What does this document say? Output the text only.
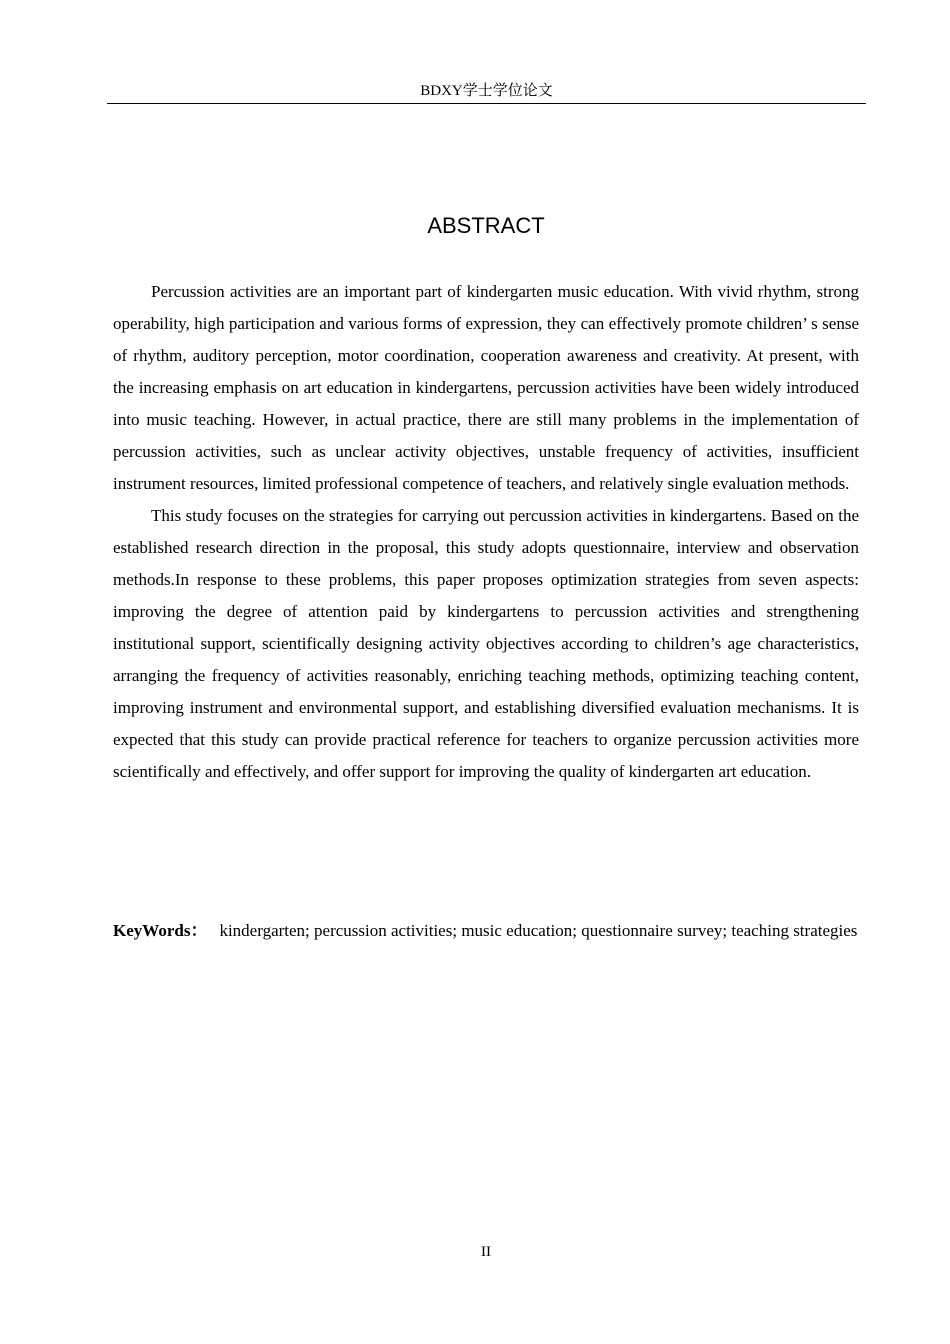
BDXY学士学位论文
ABSTRACT

Percussion activities are an important part of kindergarten music education. With vivid rhythm, strong operability, high participation and various forms of expression, they can effectively promote children’ s sense of rhythm, auditory perception, motor coordination, cooperation awareness and creativity. At present, with the increasing emphasis on art education in kindergartens, percussion activities have been widely introduced into music teaching. However, in actual practice, there are still many problems in the implementation of percussion activities, such as unclear activity objectives, unstable frequency of activities, insufficient instrument resources, limited professional competence of teachers, and relatively single evaluation methods.

This study focuses on the strategies for carrying out percussion activities in kindergartens. Based on the established research direction in the proposal, this study adopts questionnaire, interview and observation methods.In response to these problems, this paper proposes optimization strategies from seven aspects: improving the degree of attention paid by kindergartens to percussion activities and strengthening institutional support, scientifically designing activity objectives according to children’s age characteristics, arranging the frequency of activities reasonably, enriching teaching methods, optimizing teaching content, improving instrument and environmental support, and establishing diversified evaluation mechanisms. It is expected that this study can provide practical reference for teachers to organize percussion activities more scientifically and effectively, and offer support for improving the quality of kindergarten art education.

KeyWords： kindergarten; percussion activities; music education; questionnaire survey; teaching strategies

II
